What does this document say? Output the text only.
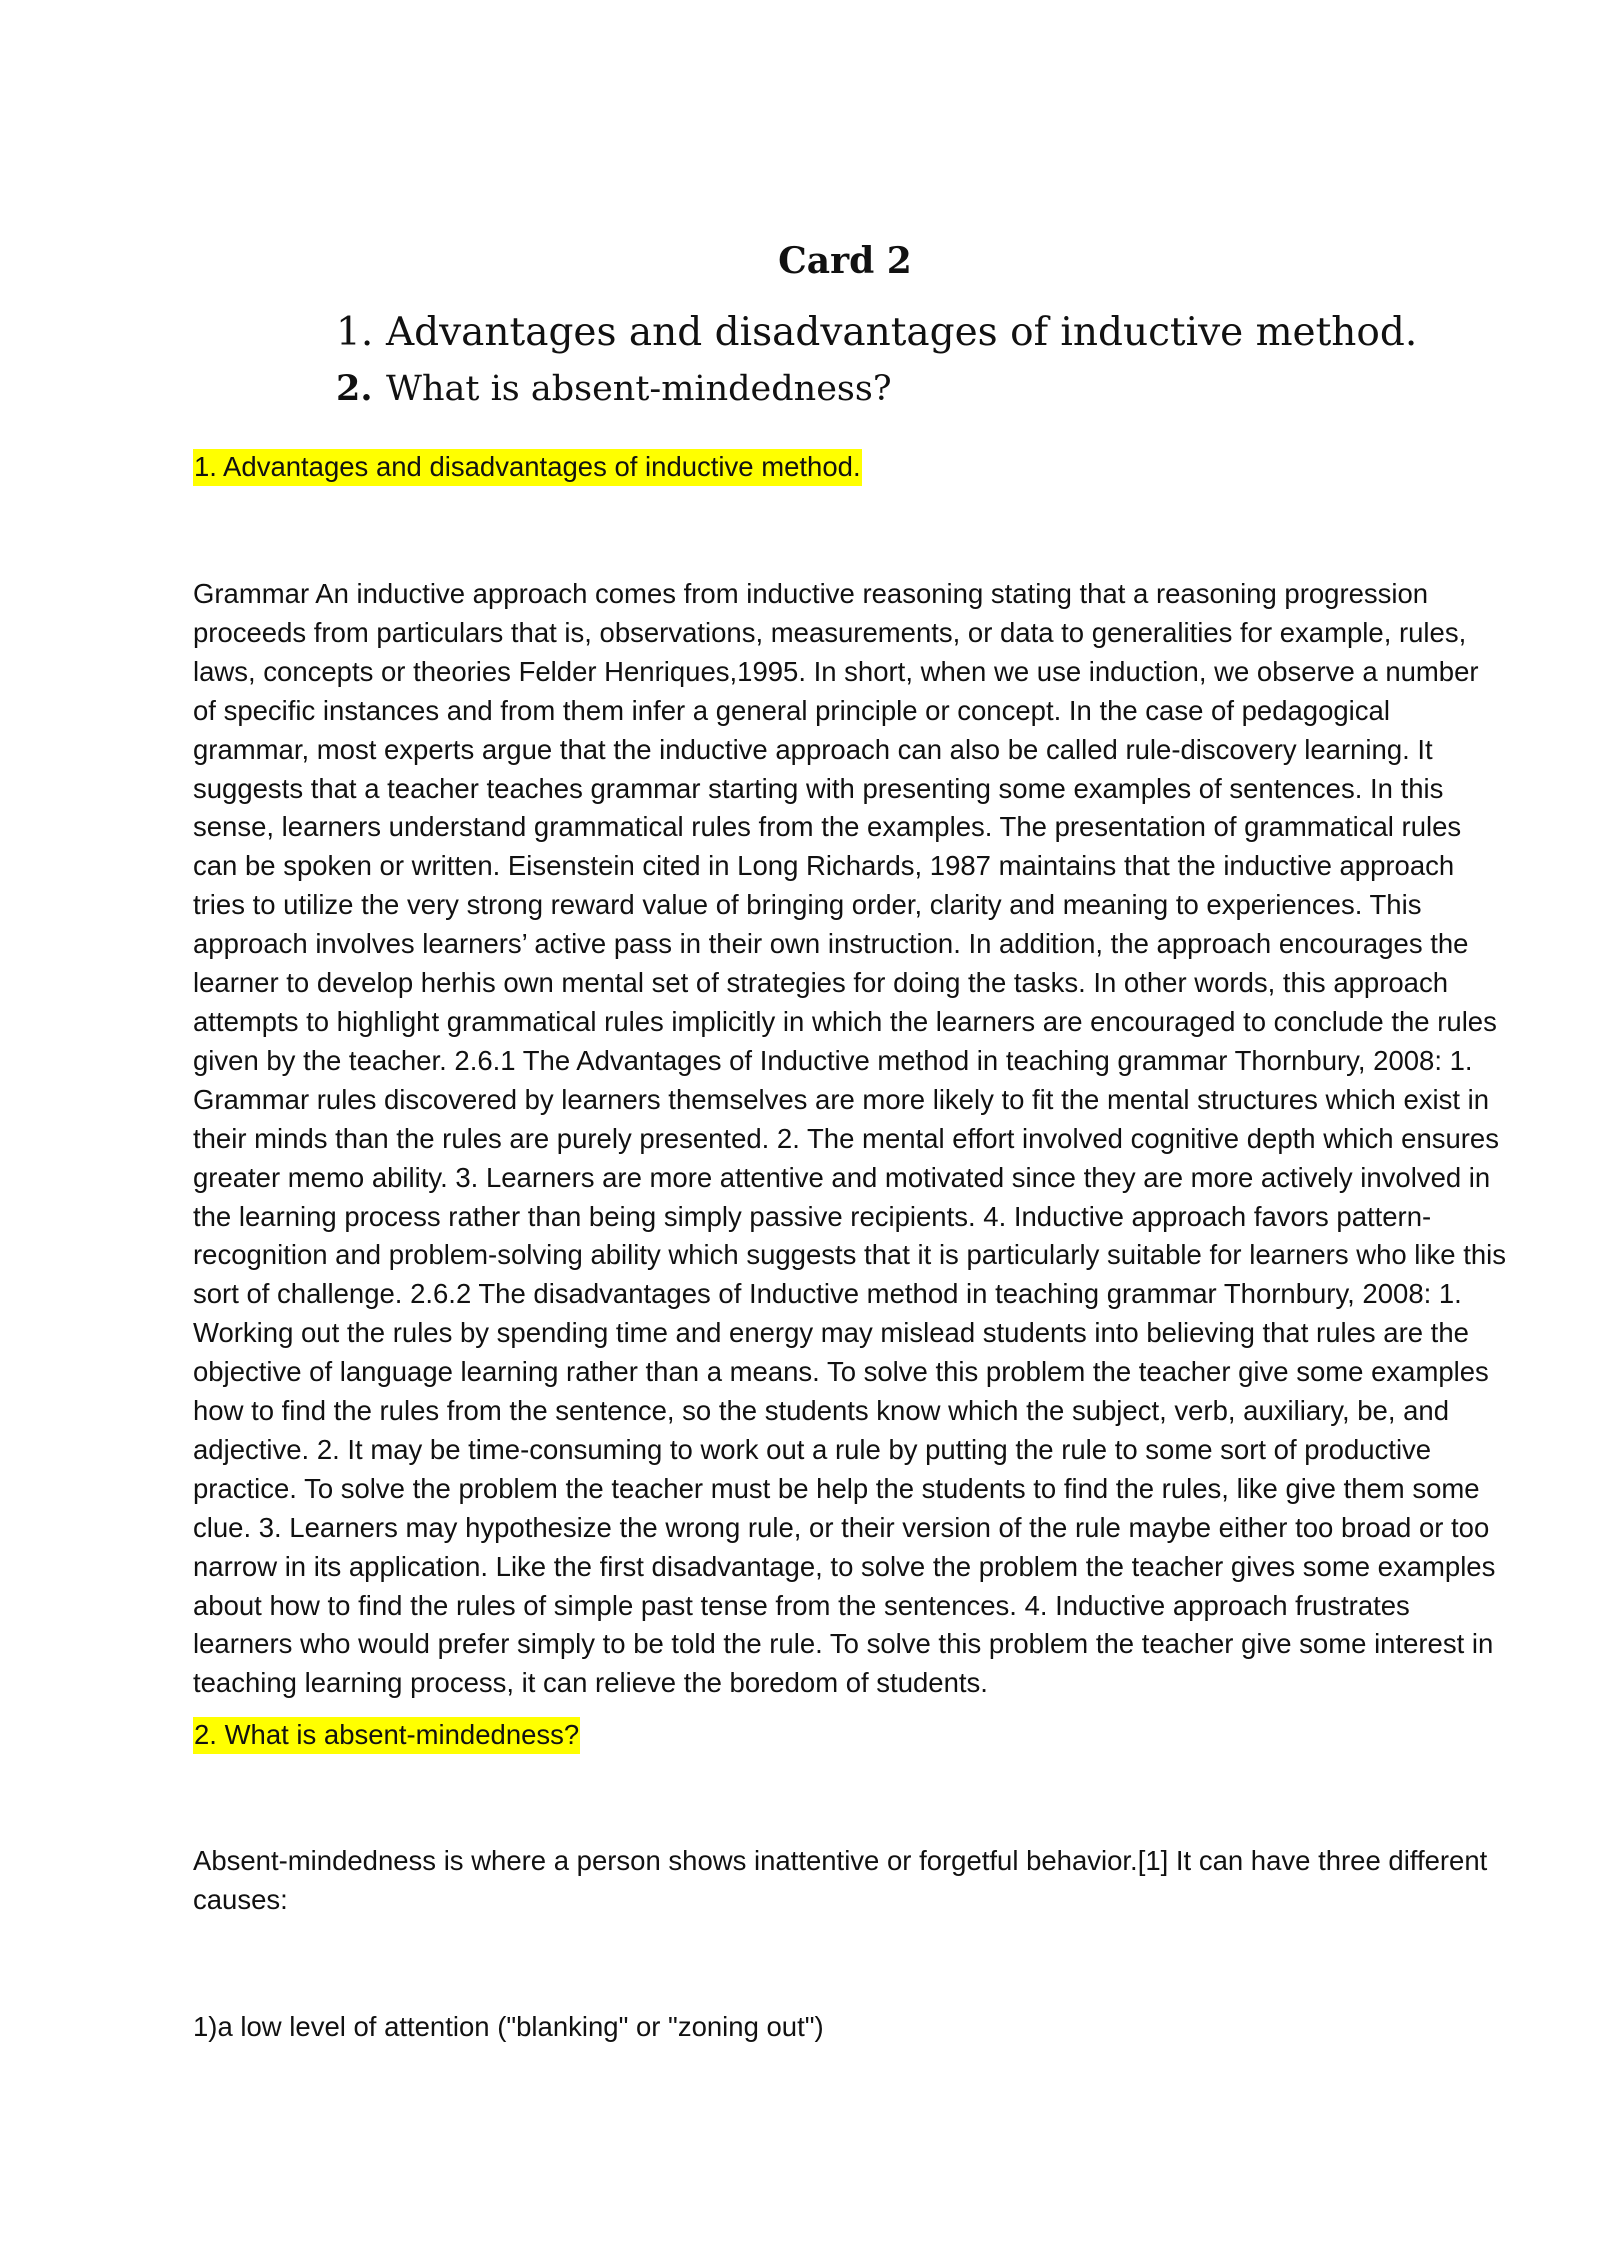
Card 2
1. Advantages and disadvantages of inductive method.
2. What is absent-mindedness?

1. Advantages and disadvantages of inductive method.

Grammar An inductive approach comes from inductive reasoning stating that a reasoning progression proceeds from particulars that is, observations, measurements, or data to generalities for example, rules, laws, concepts or theories Felder Henriques,1995. In short, when we use induction, we observe a number of specific instances and from them infer a general principle or concept. In the case of pedagogical grammar, most experts argue that the inductive approach can also be called rule-discovery learning. It suggests that a teacher teaches grammar starting with presenting some examples of sentences. In this sense, learners understand grammatical rules from the examples. The presentation of grammatical rules can be spoken or written. Eisenstein cited in Long Richards, 1987 maintains that the inductive approach tries to utilize the very strong reward value of bringing order, clarity and meaning to experiences. This approach involves learners’ active pass in their own instruction. In addition, the approach encourages the learner to develop herhis own mental set of strategies for doing the tasks. In other words, this approach attempts to highlight grammatical rules implicitly in which the learners are encouraged to conclude the rules given by the teacher. 2.6.1 The Advantages of Inductive method in teaching grammar Thornbury, 2008: 1. Grammar rules discovered by learners themselves are more likely to fit the mental structures which exist in their minds than the rules are purely presented. 2. The mental effort involved cognitive depth which ensures greater memo ability. 3. Learners are more attentive and motivated since they are more actively involved in the learning process rather than being simply passive recipients. 4. Inductive approach favors pattern-recognition and problem-solving ability which suggests that it is particularly suitable for learners who like this sort of challenge. 2.6.2 The disadvantages of Inductive method in teaching grammar Thornbury, 2008: 1. Working out the rules by spending time and energy may mislead students into believing that rules are the objective of language learning rather than a means. To solve this problem the teacher give some examples how to find the rules from the sentence, so the students know which the subject, verb, auxiliary, be, and adjective. 2. It may be time-consuming to work out a rule by putting the rule to some sort of productive practice. To solve the problem the teacher must be help the students to find the rules, like give them some clue. 3. Learners may hypothesize the wrong rule, or their version of the rule maybe either too broad or too narrow in its application. Like the first disadvantage, to solve the problem the teacher gives some examples about how to find the rules of simple past tense from the sentences. 4. Inductive approach frustrates learners who would prefer simply to be told the rule. To solve this problem the teacher give some interest in teaching learning process, it can relieve the boredom of students.

2. What is absent-mindedness?

Absent-mindedness is where a person shows inattentive or forgetful behavior.[1] It can have three different causes:

1)a low level of attention ("blanking" or "zoning out")
